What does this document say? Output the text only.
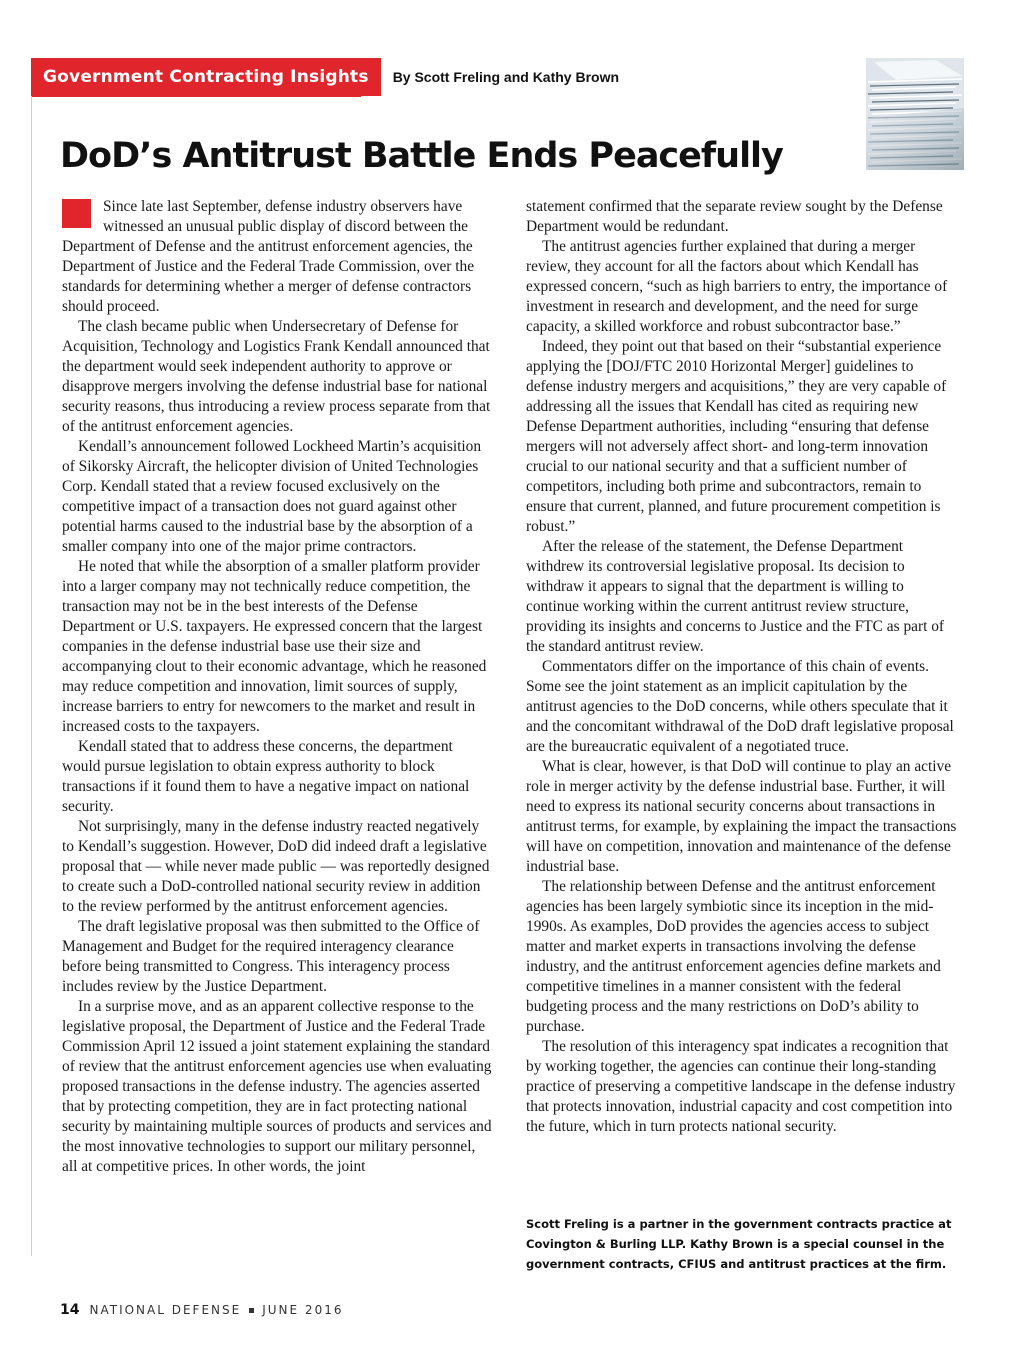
Government Contracting Insights	By Scott Freling and Kathy Brown
DoD’s Antitrust Battle Ends Peacefully

Since late last September, defense industry observers have witnessed an unusual public display of discord between the Department of Defense and the antitrust enforcement agencies, the Department of Justice and the Federal Trade Commission, over the standards for determining whether a merger of defense contractors should proceed.

The clash became public when Undersecretary of Defense for Acquisition, Technology and Logistics Frank Kendall announced that the department would seek independent authority to approve or disapprove mergers involving the defense industrial base for national security reasons, thus introducing a review process separate from that of the antitrust enforcement agencies.

Kendall’s announcement followed Lockheed Martin’s acquisition of Sikorsky Aircraft, the helicopter division of United Technologies Corp. Kendall stated that a review focused exclusively on the competitive impact of a transaction does not guard against other potential harms caused to the industrial base by the absorption of a smaller company into one of the major prime contractors.

He noted that while the absorption of a smaller platform provider into a larger company may not technically reduce competition, the transaction may not be in the best interests of the Defense Department or U.S. taxpayers. He expressed concern that the largest companies in the defense industrial base use their size and accompanying clout to their economic advantage, which he reasoned may reduce competition and innovation, limit sources of supply, increase barriers to entry for newcomers to the market and result in increased costs to the taxpayers.

Kendall stated that to address these concerns, the department would pursue legislation to obtain express authority to block transactions if it found them to have a negative impact on national security.

Not surprisingly, many in the defense industry reacted negatively to Kendall’s suggestion. However, DoD did indeed draft a legislative proposal that — while never made public — was reportedly designed to create such a DoD-controlled national security review in addition to the review performed by the antitrust enforcement agencies.

The draft legislative proposal was then submitted to the Office of Management and Budget for the required interagency clearance before being transmitted to Congress. This interagency process includes review by the Justice Department.

In a surprise move, and as an apparent collective response to the legislative proposal, the Department of Justice and the Federal Trade Commission April 12 issued a joint statement explaining the standard of review that the antitrust enforcement agencies use when evaluating proposed transactions in the defense industry. The agencies asserted that by protecting competition, they are in fact protecting national security by maintaining multiple sources of products and services and the most innovative technologies to support our military personnel, all at competitive prices. In other words, the joint

statement confirmed that the separate review sought by the Defense Department would be redundant.

The antitrust agencies further explained that during a merger review, they account for all the factors about which Kendall has expressed concern, “such as high barriers to entry, the importance of investment in research and development, and the need for surge capacity, a skilled workforce and robust subcontractor base.”

Indeed, they point out that based on their “substantial experience applying the [DOJ/FTC 2010 Horizontal Merger] guidelines to defense industry mergers and acquisitions,” they are very capable of addressing all the issues that Kendall has cited as requiring new Defense Department authorities, including “ensuring that defense mergers will not adversely affect short- and long-term innovation crucial to our national security and that a sufficient number of competitors, including both prime and subcontractors, remain to ensure that current, planned, and future procurement competition is robust.”

After the release of the statement, the Defense Department withdrew its controversial legislative proposal. Its decision to withdraw it appears to signal that the department is willing to continue working within the current antitrust review structure, providing its insights and concerns to Justice and the FTC as part of the standard antitrust review.

Commentators differ on the importance of this chain of events. Some see the joint statement as an implicit capitulation by the antitrust agencies to the DoD concerns, while others speculate that it and the concomitant withdrawal of the DoD draft legislative proposal are the bureaucratic equivalent of a negotiated truce.

What is clear, however, is that DoD will continue to play an active role in merger activity by the defense industrial base. Further, it will need to express its national security concerns about transactions in antitrust terms, for example, by explaining the impact the transactions will have on competition, innovation and maintenance of the defense industrial base.

The relationship between Defense and the antitrust enforcement agencies has been largely symbiotic since its inception in the mid-1990s. As examples, DoD provides the agencies access to subject matter and market experts in transactions involving the defense industry, and the antitrust enforcement agencies define markets and competitive timelines in a manner consistent with the federal budgeting process and the many restrictions on DoD’s ability to purchase.

The resolution of this interagency spat indicates a recognition that by working together, the agencies can continue their long-standing practice of preserving a competitive landscape in the defense industry that protects innovation, industrial capacity and cost competition into the future, which in turn protects national security.

Scott Freling is a partner in the government contracts practice at Covington & Burling LLP. Kathy Brown is a special counsel in the government contracts, CFIUS and antitrust practices at the firm.

14 NATIONAL DEFENSE JUNE 2016
